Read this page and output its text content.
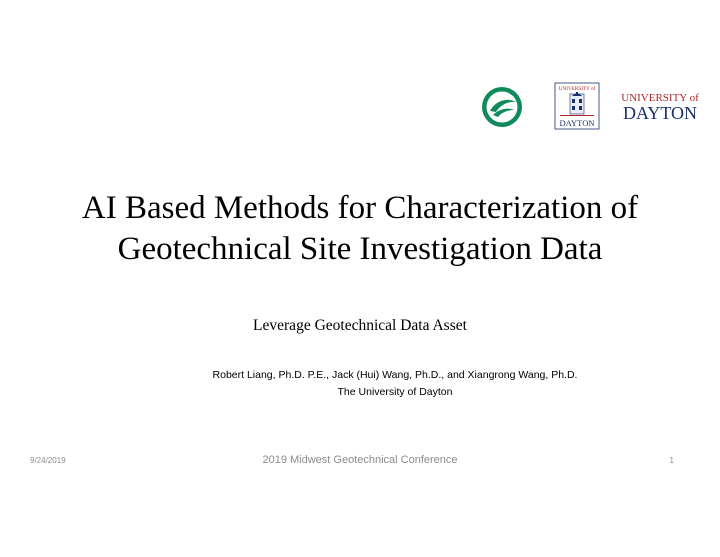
UNIVERSITY of
DAYTON
UNIVERSITY of
DAYTON
AI Based Methods for Characterization of
Geotechnical Site Investigation Data
Leverage Geotechnical Data Asset
Robert Liang, Ph.D. P.E., Jack (Hui) Wang, Ph.D., and Xiangrong Wang, Ph.D.
The University of Dayton
9/24/2019	2019 Midwest Geotechnical Conference	1
